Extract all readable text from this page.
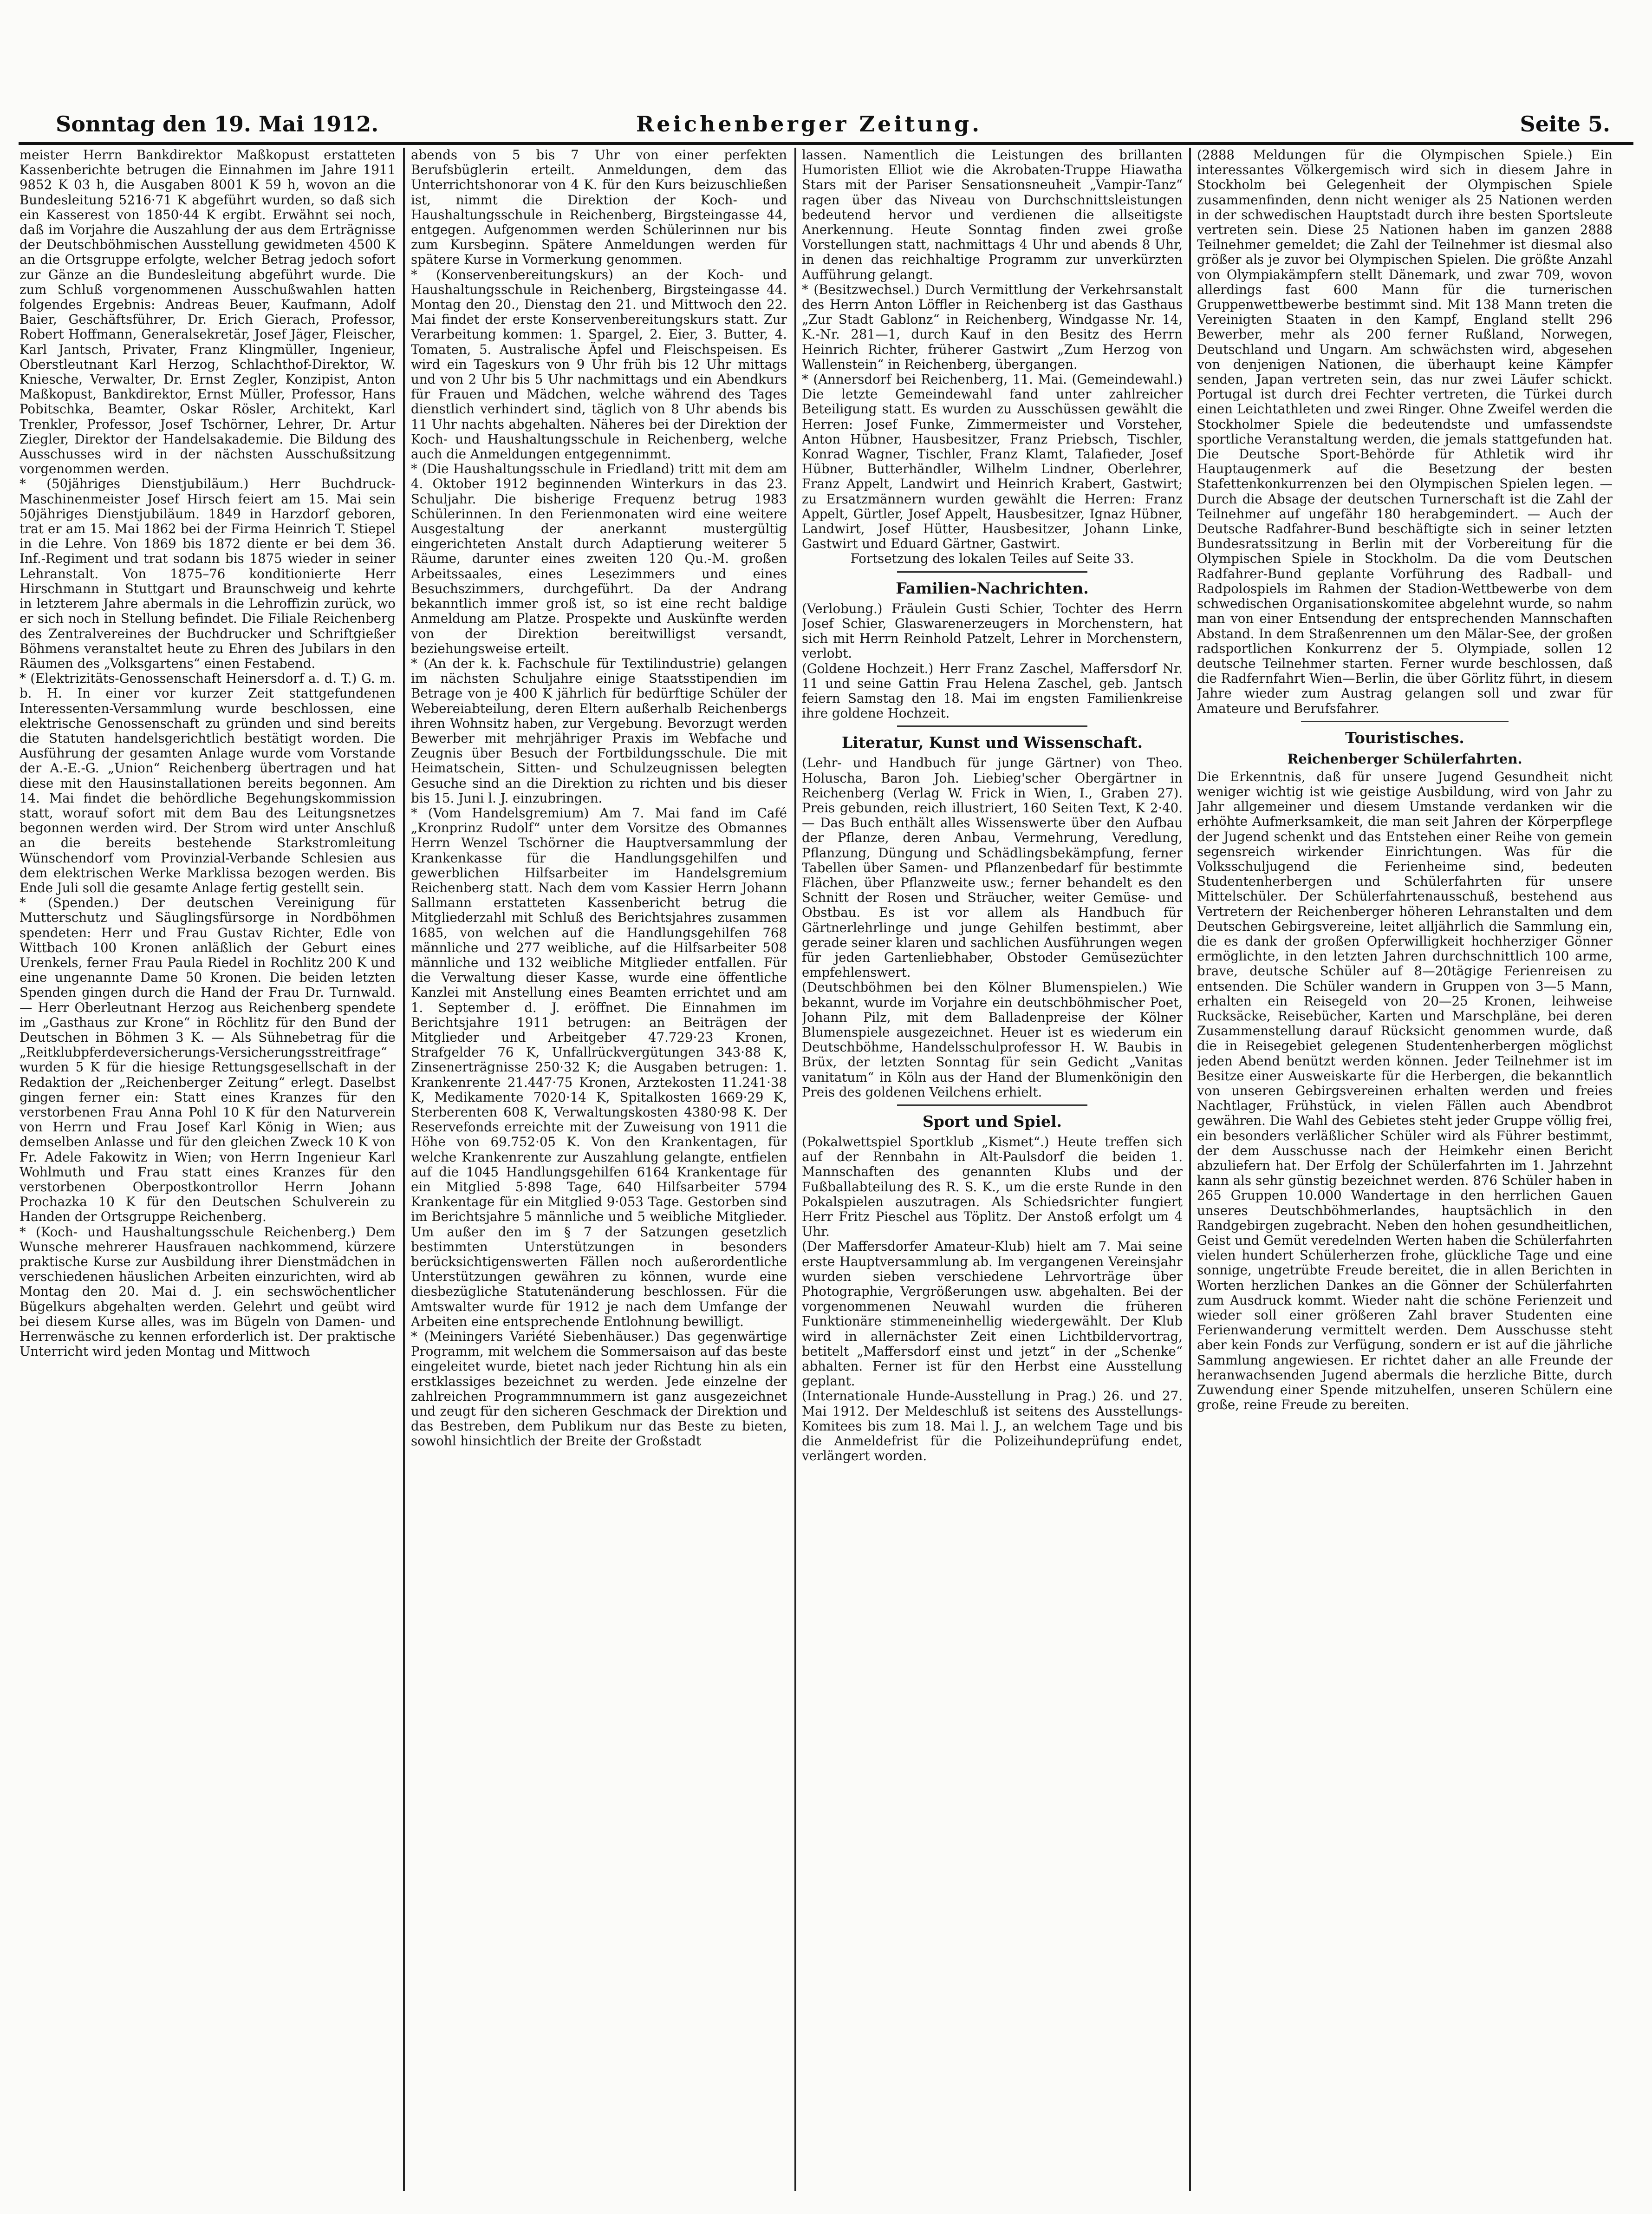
Sonntag den 19. Mai 1912.	Reichenberger Zeitung.	Seite 5.

meister Herrn Bankdirektor Maßkopust erstatteten Kassenberichte betrugen die Einnahmen im Jahre 1911 9852 K 03 h, die Ausgaben 8001 K 59 h, wovon an die Bundesleitung 5216·71 K abgeführt wurden, so daß sich ein Kasserest von 1850·44 K ergibt. Erwähnt sei noch, daß im Vorjahre die Auszahlung der aus dem Erträgnisse der Deutschböhmischen Ausstellung gewidmeten 4500 K an die Ortsgruppe erfolgte, welcher Betrag jedoch sofort zur Gänze an die Bundesleitung abgeführt wurde. Die zum Schluß vorgenommenen Ausschußwahlen hatten folgendes Ergebnis: Andreas Beuer, Kaufmann, Adolf Baier, Geschäftsführer, Dr. Erich Gierach, Professor, Robert Hoffmann, Generalsekretär, Josef Jäger, Fleischer, Karl Jantsch, Privater, Franz Klingmüller, Ingenieur, Oberstleutnant Karl Herzog, Schlachthof-Direktor, W. Kniesche, Verwalter, Dr. Ernst Zegler, Konzipist, Anton Maßkopust, Bankdirektor, Ernst Müller, Professor, Hans Pobitschka, Beamter, Oskar Rösler, Architekt, Karl Trenkler, Professor, Josef Tschörner, Lehrer, Dr. Artur Ziegler, Direktor der Handelsakademie. Die Bildung des Ausschusses wird in der nächsten Ausschußsitzung vorgenommen werden.

* (50jähriges Dienstjubiläum.) Herr Buchdruck-Maschinenmeister Josef Hirsch feiert am 15. Mai sein 50jähriges Dienstjubiläum. 1849 in Harzdorf geboren, trat er am 15. Mai 1862 bei der Firma Heinrich T. Stiepel in die Lehre. Von 1869 bis 1872 diente er bei dem 36. Inf.-Regiment und trat sodann bis 1875 wieder in seiner Lehranstalt. Von 1875–76 konditionierte Herr Hirschmann in Stuttgart und Braunschweig und kehrte in letzterem Jahre abermals in die Lehroffizin zurück, wo er sich noch in Stellung befindet. Die Filiale Reichenberg des Zentralvereines der Buchdrucker und Schriftgießer Böhmens veranstaltet heute zu Ehren des Jubilars in den Räumen des „Volksgartens“ einen Festabend.

* (Elektrizitäts-Genossenschaft Heinersdorf a. d. T.) G. m. b. H. In einer vor kurzer Zeit stattgefundenen Interessenten-Versammlung wurde beschlossen, eine elektrische Genossenschaft zu gründen und sind bereits die Statuten handelsgerichtlich bestätigt worden. Die Ausführung der gesamten Anlage wurde vom Vorstande der A.-E.-G. „Union“ Reichenberg übertragen und hat diese mit den Hausinstallationen bereits begonnen. Am 14. Mai findet die behördliche Begehungskommission statt, worauf sofort mit dem Bau des Leitungsnetzes begonnen werden wird. Der Strom wird unter Anschluß an die bereits bestehende Starkstromleitung Wünschendorf vom Provinzial-Verbande Schlesien aus dem elektrischen Werke Marklissa bezogen werden. Bis Ende Juli soll die gesamte Anlage fertig gestellt sein.

* (Spenden.) Der deutschen Vereinigung für Mutterschutz und Säuglingsfürsorge in Nordböhmen spendeten: Herr und Frau Gustav Richter, Edle von Wittbach 100 Kronen anläßlich der Geburt eines Urenkels, ferner Frau Paula Riedel in Rochlitz 200 K und eine ungenannte Dame 50 Kronen. Die beiden letzten Spenden gingen durch die Hand der Frau Dr. Turnwald. — Herr Oberleutnant Herzog aus Reichenberg spendete im „Gasthaus zur Krone“ in Röchlitz für den Bund der Deutschen in Böhmen 3 K. — Als Sühnebetrag für die „Reitklubpferdeversicherungs-Versicherungsstreitfrage“ wurden 5 K für die hiesige Rettungsgesellschaft in der Redaktion der „Reichenberger Zeitung“ erlegt. Daselbst gingen ferner ein: Statt eines Kranzes für den verstorbenen Frau Anna Pohl 10 K für den Naturverein von Herrn und Frau Josef Karl König in Wien; aus demselben Anlasse und für den gleichen Zweck 10 K von Fr. Adele Fakowitz in Wien; von Herrn Ingenieur Karl Wohlmuth und Frau statt eines Kranzes für den verstorbenen Oberpostkontrollor Herrn Johann Prochazka 10 K für den Deutschen Schulverein zu Handen der Ortsgruppe Reichenberg.

* (Koch- und Haushaltungsschule Reichenberg.) Dem Wunsche mehrerer Hausfrauen nachkommend, kürzere praktische Kurse zur Ausbildung ihrer Dienstmädchen in verschiedenen häuslichen Arbeiten einzurichten, wird ab Montag den 20. Mai d. J. ein sechswöchentlicher Bügelkurs abgehalten werden. Gelehrt und geübt wird bei diesem Kurse alles, was im Bügeln von Damen- und Herrenwäsche zu kennen erforderlich ist. Der praktische Unterricht wird jeden Montag und Mittwoch

abends von 5 bis 7 Uhr von einer perfekten Berufsbüglerin erteilt. Anmeldungen, dem das Unterrichtshonorar von 4 K. für den Kurs beizuschließen ist, nimmt die Direktion der Koch- und Haushaltungsschule in Reichenberg, Birgsteingasse 44, entgegen. Aufgenommen werden Schülerinnen nur bis zum Kursbeginn. Spätere Anmeldungen werden für spätere Kurse in Vormerkung genommen.

* (Konservenbereitungskurs) an der Koch- und Haushaltungsschule in Reichenberg, Birgsteingasse 44. Montag den 20., Dienstag den 21. und Mittwoch den 22. Mai findet der erste Konservenbereitungskurs statt. Zur Verarbeitung kommen: 1. Spargel, 2. Eier, 3. Butter, 4. Tomaten, 5. Australische Äpfel und Fleischspeisen. Es wird ein Tageskurs von 9 Uhr früh bis 12 Uhr mittags und von 2 Uhr bis 5 Uhr nachmittags und ein Abendkurs für Frauen und Mädchen, welche während des Tages dienstlich verhindert sind, täglich von 8 Uhr abends bis 11 Uhr nachts abgehalten. Näheres bei der Direktion der Koch- und Haushaltungsschule in Reichenberg, welche auch die Anmeldungen entgegennimmt.

* (Die Haushaltungsschule in Friedland) tritt mit dem am 4. Oktober 1912 beginnenden Winterkurs in das 23. Schuljahr. Die bisherige Frequenz betrug 1983 Schülerinnen. In den Ferienmonaten wird eine weitere Ausgestaltung der anerkannt mustergültig eingerichteten Anstalt durch Adaptierung weiterer 5 Räume, darunter eines zweiten 120 Qu.-M. großen Arbeitssaales, eines Lesezimmers und eines Besuchszimmers, durchgeführt. Da der Andrang bekanntlich immer groß ist, so ist eine recht baldige Anmeldung am Platze. Prospekte und Auskünfte werden von der Direktion bereitwilligst versandt, beziehungsweise erteilt.

* (An der k. k. Fachschule für Textilindustrie) gelangen im nächsten Schuljahre einige Staatsstipendien im Betrage von je 400 K jährlich für bedürftige Schüler der Webereiabteilung, deren Eltern außerhalb Reichenbergs ihren Wohnsitz haben, zur Vergebung. Bevorzugt werden Bewerber mit mehrjähriger Praxis im Webfache und Zeugnis über Besuch der Fortbildungsschule. Die mit Heimatschein, Sitten- und Schulzeugnissen belegten Gesuche sind an die Direktion zu richten und bis dieser bis 15. Juni l. J. einzubringen.

* (Vom Handelsgremium) Am 7. Mai fand im Café „Kronprinz Rudolf“ unter dem Vorsitze des Obmannes Herrn Wenzel Tschörner die Hauptversammlung der Krankenkasse für die Handlungsgehilfen und gewerblichen Hilfsarbeiter im Handelsgremium Reichenberg statt. Nach dem vom Kassier Herrn Johann Sallmann erstatteten Kassenbericht betrug die Mitgliederzahl mit Schluß des Berichtsjahres zusammen 1685, von welchen auf die Handlungsgehilfen 768 männliche und 277 weibliche, auf die Hilfsarbeiter 508 männliche und 132 weibliche Mitglieder entfallen. Für die Verwaltung dieser Kasse, wurde eine öffentliche Kanzlei mit Anstellung eines Beamten errichtet und am 1. September d. J. eröffnet. Die Einnahmen im Berichtsjahre 1911 betrugen: an Beiträgen der Mitglieder und Arbeitgeber 47.729·23 Kronen, Strafgelder 76 K, Unfallrückvergütungen 343·88 K, Zinsenerträgnisse 250·32 K; die Ausgaben betrugen: 1. Krankenrente 21.447·75 Kronen, Arztekosten 11.241·38 K, Medikamente 7020·14 K, Spitalkosten 1669·29 K, Sterberenten 608 K, Verwaltungskosten 4380·98 K. Der Reservefonds erreichte mit der Zuweisung von 1911 die Höhe von 69.752·05 K. Von den Krankentagen, für welche Krankenrente zur Auszahlung gelangte, entfielen auf die 1045 Handlungsgehilfen 6164 Krankentage für ein Mitglied 5·898 Tage, 640 Hilfsarbeiter 5794 Krankentage für ein Mitglied 9·053 Tage. Gestorben sind im Berichtsjahre 5 männliche und 5 weibliche Mitglieder. Um außer den im § 7 der Satzungen gesetzlich bestimmten Unterstützungen in besonders berücksichtigenswerten Fällen noch außerordentliche Unterstützungen gewähren zu können, wurde eine diesbezügliche Statutenänderung beschlossen. Für die Amtswalter wurde für 1912 je nach dem Umfange der Arbeiten eine entsprechende Entlohnung bewilligt.

* (Meiningers Variété Siebenhäuser.) Das gegenwärtige Programm, mit welchem die Sommersaison auf das beste eingeleitet wurde, bietet nach jeder Richtung hin als ein erstklassiges bezeichnet zu werden. Jede einzelne der zahlreichen Programmnummern ist ganz ausgezeichnet und zeugt für den sicheren Geschmack der Direktion und das Bestreben, dem Publikum nur das Beste zu bieten, sowohl hinsichtlich der Breite der Großstadt

lassen. Namentlich die Leistungen des brillanten Humoristen Elliot wie die Akrobaten-Truppe Hiawatha Stars mit der Pariser Sensationsneuheit „Vampir-Tanz“ ragen über das Niveau von Durchschnittsleistungen bedeutend hervor und verdienen die allseitigste Anerkennung. Heute Sonntag finden zwei große Vorstellungen statt, nachmittags 4 Uhr und abends 8 Uhr, in denen das reichhaltige Programm zur unverkürzten Aufführung gelangt.

* (Besitzwechsel.) Durch Vermittlung der Verkehrsanstalt des Herrn Anton Löffler in Reichenberg ist das Gasthaus „Zur Stadt Gablonz“ in Reichenberg, Windgasse Nr. 14, K.-Nr. 281—1, durch Kauf in den Besitz des Herrn Heinrich Richter, früherer Gastwirt „Zum Herzog von Wallenstein“ in Reichenberg, übergangen.

* (Annersdorf bei Reichenberg, 11. Mai. (Gemeindewahl.) Die letzte Gemeindewahl fand unter zahlreicher Beteiligung statt. Es wurden zu Ausschüssen gewählt die Herren: Josef Funke, Zimmermeister und Vorsteher, Anton Hübner, Hausbesitzer, Franz Priebsch, Tischler, Konrad Wagner, Tischler, Franz Klamt, Talafieder, Josef Hübner, Butterhändler, Wilhelm Lindner, Oberlehrer, Franz Appelt, Landwirt und Heinrich Krabert, Gastwirt; zu Ersatzmännern wurden gewählt die Herren: Franz Appelt, Gürtler, Josef Appelt, Hausbesitzer, Ignaz Hübner, Landwirt, Josef Hütter, Hausbesitzer, Johann Linke, Gastwirt und Eduard Gärtner, Gastwirt.

Fortsetzung des lokalen Teiles auf Seite 33.

Familien-Nachrichten.

(Verlobung.) Fräulein Gusti Schier, Tochter des Herrn Josef Schier, Glaswarenerzeugers in Morchenstern, hat sich mit Herrn Reinhold Patzelt, Lehrer in Morchenstern, verlobt.

(Goldene Hochzeit.) Herr Franz Zaschel, Maffersdorf Nr. 11 und seine Gattin Frau Helena Zaschel, geb. Jantsch feiern Samstag den 18. Mai im engsten Familienkreise ihre goldene Hochzeit.

Literatur, Kunst und Wissenschaft.

(Lehr- und Handbuch für junge Gärtner) von Theo. Holuscha, Baron Joh. Liebieg'scher Obergärtner in Reichenberg (Verlag W. Frick in Wien, I., Graben 27). Preis gebunden, reich illustriert, 160 Seiten Text, K 2·40. — Das Buch enthält alles Wissenswerte über den Aufbau der Pflanze, deren Anbau, Vermehrung, Veredlung, Pflanzung, Düngung und Schädlingsbekämpfung, ferner Tabellen über Samen- und Pflanzenbedarf für bestimmte Flächen, über Pflanzweite usw.; ferner behandelt es den Schnitt der Rosen und Sträucher, weiter Gemüse- und Obstbau. Es ist vor allem als Handbuch für Gärtnerlehrlinge und junge Gehilfen bestimmt, aber gerade seiner klaren und sachlichen Ausführungen wegen für jeden Gartenliebhaber, Obstoder Gemüsezüchter empfehlenswert.

(Deutschböhmen bei den Kölner Blumenspielen.) Wie bekannt, wurde im Vorjahre ein deutschböhmischer Poet, Johann Pilz, mit dem Balladenpreise der Kölner Blumenspiele ausgezeichnet. Heuer ist es wiederum ein Deutschböhme, Handelsschulprofessor H. W. Baubis in Brüx, der letzten Sonntag für sein Gedicht „Vanitas vanitatum“ in Köln aus der Hand der Blumenkönigin den Preis des goldenen Veilchens erhielt.

Sport und Spiel.

(Pokalwettspiel Sportklub „Kismet“.) Heute treffen sich auf der Rennbahn in Alt-Paulsdorf die beiden 1. Mannschaften des genannten Klubs und der Fußballabteilung des R. S. K., um die erste Runde in den Pokalspielen auszutragen. Als Schiedsrichter fungiert Herr Fritz Pieschel aus Töplitz. Der Anstoß erfolgt um 4 Uhr.

(Der Maffersdorfer Amateur-Klub) hielt am 7. Mai seine erste Hauptversammlung ab. Im vergangenen Vereinsjahr wurden sieben verschiedene Lehrvorträge über Photographie, Vergrößerungen usw. abgehalten. Bei der vorgenommenen Neuwahl wurden die früheren Funktionäre stimmeneinhellig wiedergewählt. Der Klub wird in allernächster Zeit einen Lichtbildervortrag, betitelt „Maffersdorf einst und jetzt“ in der „Schenke“ abhalten. Ferner ist für den Herbst eine Ausstellung geplant.

(Internationale Hunde-Ausstellung in Prag.) 26. und 27. Mai 1912. Der Meldeschluß ist seitens des Ausstellungs-Komitees bis zum 18. Mai l. J., an welchem Tage und bis die Anmeldefrist für die Polizeihundeprüfung endet, verlängert worden.

(2888 Meldungen für die Olympischen Spiele.) Ein interessantes Völkergemisch wird sich in diesem Jahre in Stockholm bei Gelegenheit der Olympischen Spiele zusammenfinden, denn nicht weniger als 25 Nationen werden in der schwedischen Hauptstadt durch ihre besten Sportsleute vertreten sein. Diese 25 Nationen haben im ganzen 2888 Teilnehmer gemeldet; die Zahl der Teilnehmer ist diesmal also größer als je zuvor bei Olympischen Spielen. Die größte Anzahl von Olympiakämpfern stellt Dänemark, und zwar 709, wovon allerdings fast 600 Mann für die turnerischen Gruppenwettbewerbe bestimmt sind. Mit 138 Mann treten die Vereinigten Staaten in den Kampf, England stellt 296 Bewerber, mehr als 200 ferner Rußland, Norwegen, Deutschland und Ungarn. Am schwächsten wird, abgesehen von denjenigen Nationen, die überhaupt keine Kämpfer senden, Japan vertreten sein, das nur zwei Läufer schickt. Portugal ist durch drei Fechter vertreten, die Türkei durch einen Leichtathleten und zwei Ringer. Ohne Zweifel werden die Stockholmer Spiele die bedeutendste und umfassendste sportliche Veranstaltung werden, die jemals stattgefunden hat. Die Deutsche Sport-Behörde für Athletik wird ihr Hauptaugenmerk auf die Besetzung der besten Stafettenkonkurrenzen bei den Olympischen Spielen legen. — Durch die Absage der deutschen Turnerschaft ist die Zahl der Teilnehmer auf ungefähr 180 herabgemindert. — Auch der Deutsche Radfahrer-Bund beschäftigte sich in seiner letzten Bundesratssitzung in Berlin mit der Vorbereitung für die Olympischen Spiele in Stockholm. Da die vom Deutschen Radfahrer-Bund geplante Vorführung des Radball- und Radpolospiels im Rahmen der Stadion-Wettbewerbe von dem schwedischen Organisationskomitee abgelehnt wurde, so nahm man von einer Entsendung der entsprechenden Mannschaften Abstand. In dem Straßenrennen um den Mälar-See, der großen radsportlichen Konkurrenz der 5. Olympiade, sollen 12 deutsche Teilnehmer starten. Ferner wurde beschlossen, daß die Radfernfahrt Wien—Berlin, die über Görlitz führt, in diesem Jahre wieder zum Austrag gelangen soll und zwar für Amateure und Berufsfahrer.

Touristisches.
Reichenberger Schülerfahrten.

Die Erkenntnis, daß für unsere Jugend Gesundheit nicht weniger wichtig ist wie geistige Ausbildung, wird von Jahr zu Jahr allgemeiner und diesem Umstande verdanken wir die erhöhte Aufmerksamkeit, die man seit Jahren der Körperpflege der Jugend schenkt und das Entstehen einer Reihe von gemein segensreich wirkender Einrichtungen. Was für die Volksschuljugend die Ferienheime sind, bedeuten Studentenherbergen und Schülerfahrten für unsere Mittelschüler. Der Schülerfahrtenausschuß, bestehend aus Vertretern der Reichenberger höheren Lehranstalten und dem Deutschen Gebirgsvereine, leitet alljährlich die Sammlung ein, die es dank der großen Opferwilligkeit hochherziger Gönner ermöglichte, in den letzten Jahren durchschnittlich 100 arme, brave, deutsche Schüler auf 8—20tägige Ferienreisen zu entsenden. Die Schüler wandern in Gruppen von 3—5 Mann, erhalten ein Reisegeld von 20—25 Kronen, leihweise Rucksäcke, Reisebücher, Karten und Marschpläne, bei deren Zusammenstellung darauf Rücksicht genommen wurde, daß die in Reisegebiet gelegenen Studentenherbergen möglichst jeden Abend benützt werden können. Jeder Teilnehmer ist im Besitze einer Ausweiskarte für die Herbergen, die bekanntlich von unseren Gebirgsvereinen erhalten werden und freies Nachtlager, Frühstück, in vielen Fällen auch Abendbrot gewähren. Die Wahl des Gebietes steht jeder Gruppe völlig frei, ein besonders verläßlicher Schüler wird als Führer bestimmt, der dem Ausschusse nach der Heimkehr einen Bericht abzuliefern hat. Der Erfolg der Schülerfahrten im 1. Jahrzehnt kann als sehr günstig bezeichnet werden. 876 Schüler haben in 265 Gruppen 10.000 Wandertage in den herrlichen Gauen unseres Deutschböhmerlandes, hauptsächlich in den Randgebirgen zugebracht. Neben den hohen gesundheitlichen, Geist und Gemüt veredelnden Werten haben die Schülerfahrten vielen hundert Schülerherzen frohe, glückliche Tage und eine sonnige, ungetrübte Freude bereitet, die in allen Berichten in Worten herzlichen Dankes an die Gönner der Schülerfahrten zum Ausdruck kommt. Wieder naht die schöne Ferienzeit und wieder soll einer größeren Zahl braver Studenten eine Ferienwanderung vermittelt werden. Dem Ausschusse steht aber kein Fonds zur Verfügung, sondern er ist auf die jährliche Sammlung angewiesen. Er richtet daher an alle Freunde der heranwachsenden Jugend abermals die herzliche Bitte, durch Zuwendung einer Spende mitzuhelfen, unseren Schülern eine große, reine Freude zu bereiten.
